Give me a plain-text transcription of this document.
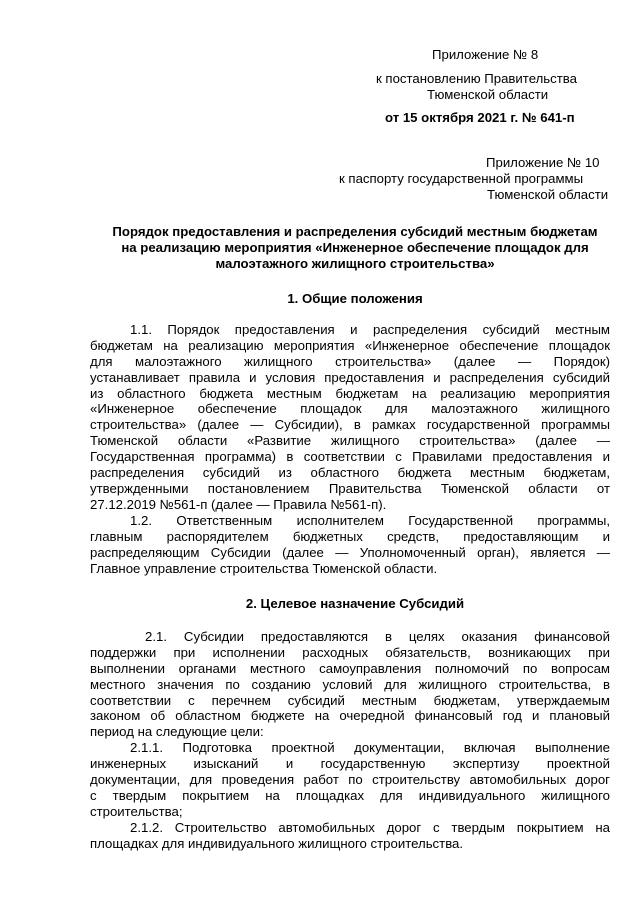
Приложение № 8
к постановлению Правительства
Тюменской области
от 15 октября 2021 г. № 641-п
Приложение № 10
к паспорту государственной программы
Тюменской области
Порядок предоставления и распределения субсидий местным бюджетам
на реализацию мероприятия «Инженерное обеспечение площадок для
малоэтажного жилищного строительства»
1. Общие положения
1.1. Порядок предоставления и распределения субсидий местным
бюджетам на реализацию мероприятия «Инженерное обеспечение площадок
для малоэтажного жилищного строительства» (далее — Порядок)
устанавливает правила и условия предоставления и распределения субсидий
из областного бюджета местным бюджетам на реализацию мероприятия
«Инженерное обеспечение площадок для малоэтажного жилищного
строительства» (далее — Субсидии), в рамках государственной программы
Тюменской области «Развитие жилищного строительства» (далее —
Государственная программа) в соответствии с Правилами предоставления и
распределения субсидий из областного бюджета местным бюджетам,
утвержденными постановлением Правительства Тюменской области от
27.12.2019 №561-п (далее — Правила №561-п).
1.2. Ответственным исполнителем Государственной программы,
главным распорядителем бюджетных средств, предоставляющим и
распределяющим Субсидии (далее — Уполномоченный орган), является —
Главное управление строительства Тюменской области.
2. Целевое назначение Субсидий
2.1. Субсидии предоставляются в целях оказания финансовой
поддержки при исполнении расходных обязательств, возникающих при
выполнении органами местного самоуправления полномочий по вопросам
местного значения по созданию условий для жилищного строительства, в
соответствии с перечнем субсидий местным бюджетам, утверждаемым
законом об областном бюджете на очередной финансовый год и плановый
период на следующие цели:
2.1.1. Подготовка проектной документации, включая выполнение
инженерных изысканий и государственную экспертизу проектной
документации, для проведения работ по строительству автомобильных дорог
с твердым покрытием на площадках для индивидуального жилищного
строительства;
2.1.2. Строительство автомобильных дорог с твердым покрытием на
площадках для индивидуального жилищного строительства.
